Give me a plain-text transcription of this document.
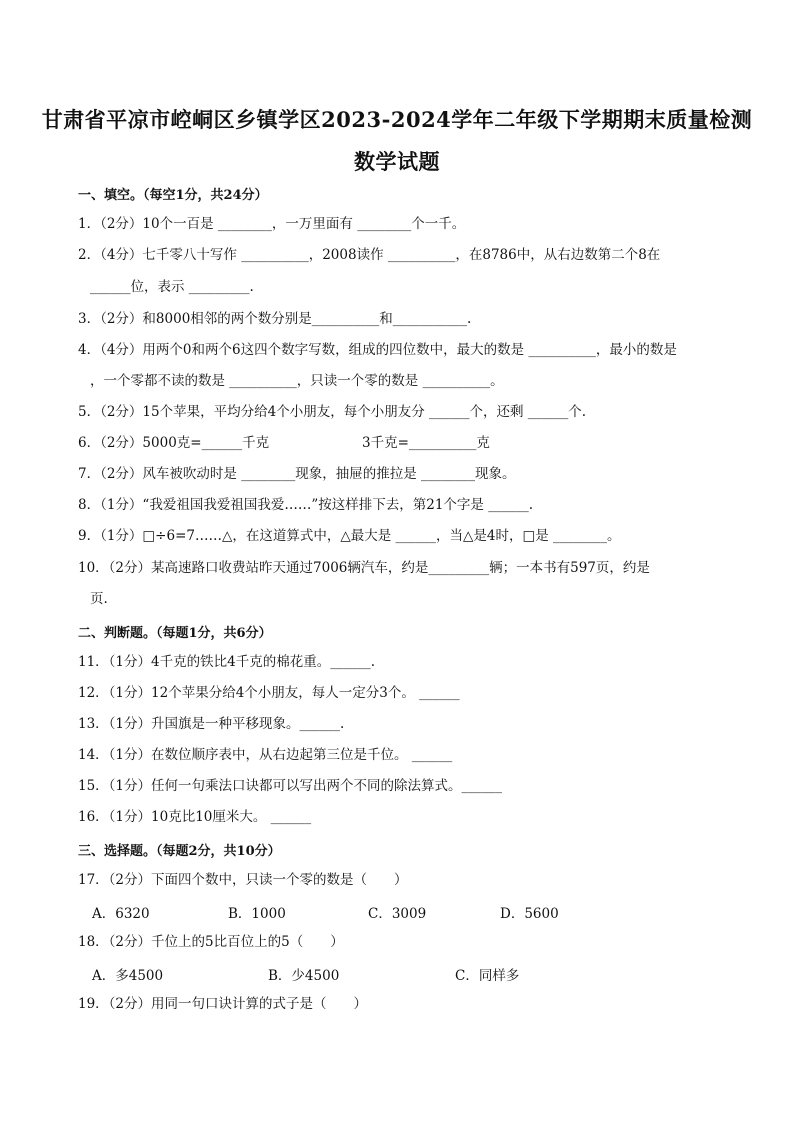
甘肃省平凉市崆峒区乡镇学区2023-2024学年二年级下学期期末质量检测
数学试题
一、填空。（每空1分，共24分）
1．（2分）10个一百是 ________，一万里面有 ________个一千。
2．（4分）七千零八十写作 __________，2008读作 __________，在8786中，从右边数第二个8在
______位，表示 _________.
3．（2分）和8000相邻的两个数分别是__________和___________.
4．（4分）用两个0和两个6这四个数字写数，组成的四位数中，最大的数是 __________，最小的数是
，一个零都不读的数是 __________，只读一个零的数是 __________。
5．（2分）15个苹果，平均分给4个小朋友，每个小朋友分 ______个，还剩 ______个.
6．（2分）5000克=______千克	3千克=__________克
7．（2分）风车被吹动时是 ________现象，抽屉的推拉是 ________现象。
8．（1分）“我爱祖国我爱祖国我爱……”按这样排下去，第21个字是 ______.
9．（1分）□÷6=7……△，在这道算式中，△最大是 ______，当△是4时，□是 ________。
10．（2分）某高速路口收费站昨天通过7006辆汽车，约是_________辆；一本书有597页，约是
页.
二、判断题。（每题1分，共6分）
11．（1分）4千克的铁比4千克的棉花重。______.
12．（1分）12个苹果分给4个小朋友，每人一定分3个。 ______
13．（1分）升国旗是一种平移现象。______.
14．（1分）在数位顺序表中，从右边起第三位是千位。 ______
15．（1分）任何一句乘法口诀都可以写出两个不同的除法算式。______
16．（1分）10克比10厘米大。 ______
三、选择题。（每题2分，共10分）
17．（2分）下面四个数中，只读一个零的数是（　　）
A．6320	B．1000	C．3009	D．5600
18．（2分）千位上的5比百位上的5（　　）
A．多4500	B．少4500	C．同样多
19．（2分）用同一句口诀计算的式子是（　　）
